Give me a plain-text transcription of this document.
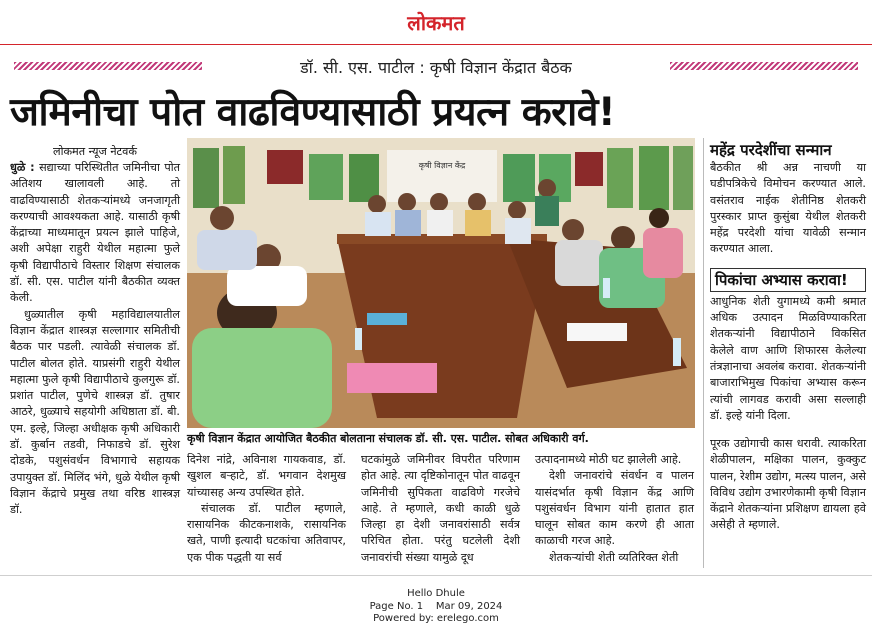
लोकमत
डॉ. सी. एस. पाटील : कृषी विज्ञान केंद्रात बैठक
जमिनीचा पोत वाढविण्यासाठी प्रयत्न करावे!
लोकमत न्यूज नेटवर्क
धुळे : सद्याच्या परिस्थितीत जमिनीचा पोत अतिशय खालावली आहे. तो वाढविण्यासाठी शेतकऱ्यांमध्ये जनजागृती करण्याची आवश्यकता आहे. यासाठी कृषी केंद्राच्या माध्यमातून प्रयत्न झाले पाहिजे, अशी अपेक्षा राहुरी येथील महात्मा फुले कृषी विद्यापीठाचे विस्तार शिक्षण संचालक डॉ. सी. एस. पाटील यांनी बैठकीत व्यक्त केली.
धुळ्यातील कृषी महाविद्यालयातील विज्ञान केंद्रात शास्त्रज्ञ सल्लागार समितीची बैठक पार पडली. त्यावेळी संचालक डॉ. पाटील बोलत होते. याप्रसंगी राहुरी येथील महात्मा फुले कृषी विद्यापीठाचे कुलगुरू डॉ. प्रशांत पाटील, पुणेचे शास्त्रज्ञ डॉ. तुषार आठरे, धुळ्याचे सहयोगी अधिष्ठाता डॉ. बी. एम. इल्हे, जिल्हा अधीक्षक कृषी अधिकारी डॉ. कुर्बान तडवी, निफाडचे डॉ. सुरेश दोडके, पशुसंवर्धन विभागाचे सहायक उपायुक्त डॉ. मिलिंद भंगे, धुळे येथील कृषी विज्ञान केंद्राचे प्रमुख तथा वरिष्ठ शास्त्रज्ञ डॉ.
कृषी विज्ञान केंद्र
कृषी विज्ञान केंद्रात आयोजित बैठकीत बोलताना संचालक डॉ. सी. एस. पाटील. सोबत अधिकारी वर्ग.
दिनेश नांद्रे, अविनाश गायकवाड, डॉ. खुशल बऱ्हाटे, डॉ. भगवान देशमुख यांच्यासह अन्य उपस्थित होते.
संचालक डॉ. पाटील म्हणाले, रासायनिक कीटकनाशके, रासायनिक खते, पाणी इत्यादी घटकांचा अतिवापर, एक पीक पद्धती या सर्व
घटकांमुळे जमिनीवर विपरीत परिणाम होत आहे. त्या दृष्टिकोनातून पोत वाढवून जमिनीची सुपिकता वाढविणे गरजेचे आहे. ते म्हणाले, कधी काळी धुळे जिल्हा हा देशी जनावरांसाठी सर्वत्र परिचित होता. परंतु घटलेली देशी जनावरांची संख्या यामुळे दूध
उत्पादनामध्ये मोठी घट झालेली आहे.
देशी जनावरांचे संवर्धन व पालन यासंदर्भात कृषी विज्ञान केंद्र आणि पशुसंवर्धन विभाग यांनी हातात हात घालून सोबत काम करणे ही आता काळाची गरज आहे.
शेतकऱ्यांची शेती व्यतिरिक्त शेती
महेंद्र परदेशींचा सन्मान
बैठकीत श्री अन्न नाचणी या घडीपत्रिकेचे विमोचन करण्यात आले. वसंतराव नाईक शेतीनिष्ठ शेतकरी पुरस्कार प्राप्त कुसुंबा येथील शेतकरी महेंद्र परदेशी यांचा यावेळी सन्मान करण्यात आला.
पिकांचा अभ्यास करावा!
आधुनिक शेती युगामध्ये कमी श्रमात अधिक उत्पादन मिळविण्याकरिता शेतकऱ्यांनी विद्यापीठाने विकसित केलेले वाण आणि शिफारस केलेल्या तंत्रज्ञानाचा अवलंब करावा. शेतकऱ्यांनी बाजाराभिमुख पिकांचा अभ्यास करून त्यांची लागवड करावी असा सल्लाही डॉ. इल्हे यांनी दिला.
पूरक उद्योगाची कास धरावी. त्याकरिता शेळीपालन, मक्षिका पालन, कुक्कुट पालन, रेशीम उद्योग, मत्स्य पालन, असे विविध उद्योग उभारणेकामी कृषी विज्ञान केंद्राने शेतकऱ्यांना प्रशिक्षण द्यायला हवे असेही ते म्हणाले.
Hello Dhule
Page No. 1    Mar 09, 2024
Powered by: erelego.com
